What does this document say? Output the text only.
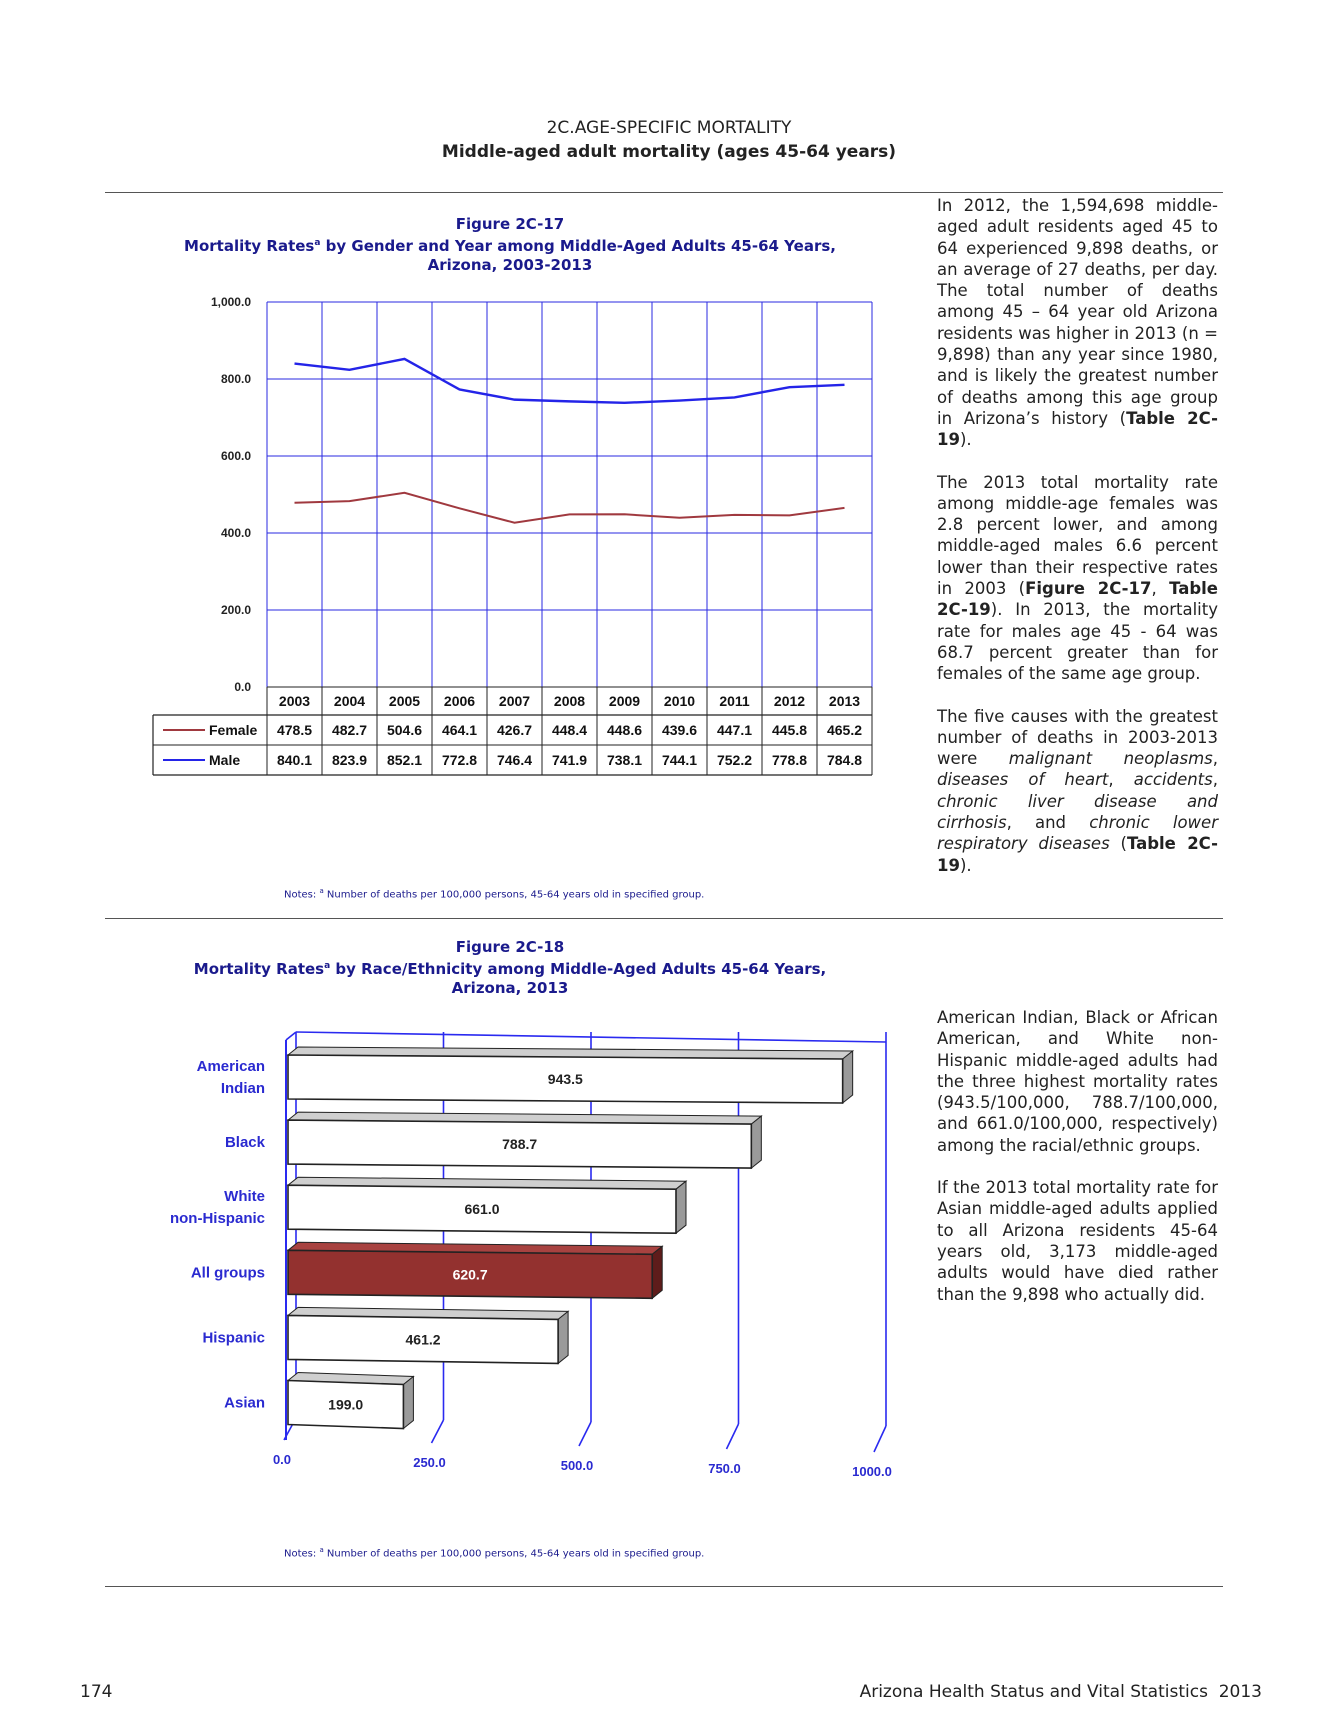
2C.AGE-SPECIFIC MORTALITY
Middle-aged adult mortality (ages 45-64 years)
Figure 2C-17
Mortality Rates$^a$ by Gender and Year among Middle-Aged Adults 45-64 Years,
Arizona, 2003-2013
0.0
200.0
400.0
600.0
800.0
1,000.0
2003 2004 2005 2006 2007 2008 2009 2010 2011 2012 2013
Female 478.5 482.7 504.6 464.1 426.7 448.4 448.6 439.6 447.1 445.8 465.2
Male	840.1 823.9 852.1 772.8 746.4 741.9 738.1 744.1 752.2 778.8 784.8
Notes: $^a$ Number of deaths per 100,000 persons, 45-64 years old in specified group.
Figure 2C-18
Mortality Rates$^a$ by Race/Ethnicity among Middle-Aged Adults 45-64 Years,
Arizona, 2013
0.0	250.0	500.0	750.0	1000.0
943.5
American
Indian
788.7
Black
661.0
White
non-Hispanic
620.7
All groups
461.2
Hispanic
199.0
Asian
Notes: $^a$ Number of deaths per 100,000 persons, 45-64 years old in specified group.

In 2012, the 1,594,698 middle-aged adult residents aged 45 to 64 experienced 9,898 deaths, or an average of 27 deaths, per day. The total number of deaths among 45 – 64 year old Arizona residents was higher in 2013 (n = 9,898) than any year since 1980, and is likely the greatest number of deaths among this age group in Arizona’s history (Table 2C-19).

The 2013 total mortality rate among middle-age females was 2.8 percent lower, and among middle-aged males 6.6 percent lower than their respective rates in 2003 (Figure 2C-17, Table 2C-19). In 2013, the mortality rate for males age 45 - 64 was 68.7 percent greater than for females of the same age group.

The five causes with the greatest number of deaths in 2003-2013 were malignant neoplasms, diseases of heart, accidents, chronic liver disease and cirrhosis, and chronic lower respiratory diseases (Table 2C-19).

American Indian, Black or African American, and White non-Hispanic middle-aged adults had the three highest mortality rates (943.5/100,000, 788.7/100,000, and 661.0/100,000, respectively) among the racial/ethnic groups.

If the 2013 total mortality rate for Asian middle-aged adults applied to all Arizona residents 45-64 years old, 3,173 middle-aged adults would have died rather than the 9,898 who actually did.

174	Arizona Health Status and Vital Statistics  2013
